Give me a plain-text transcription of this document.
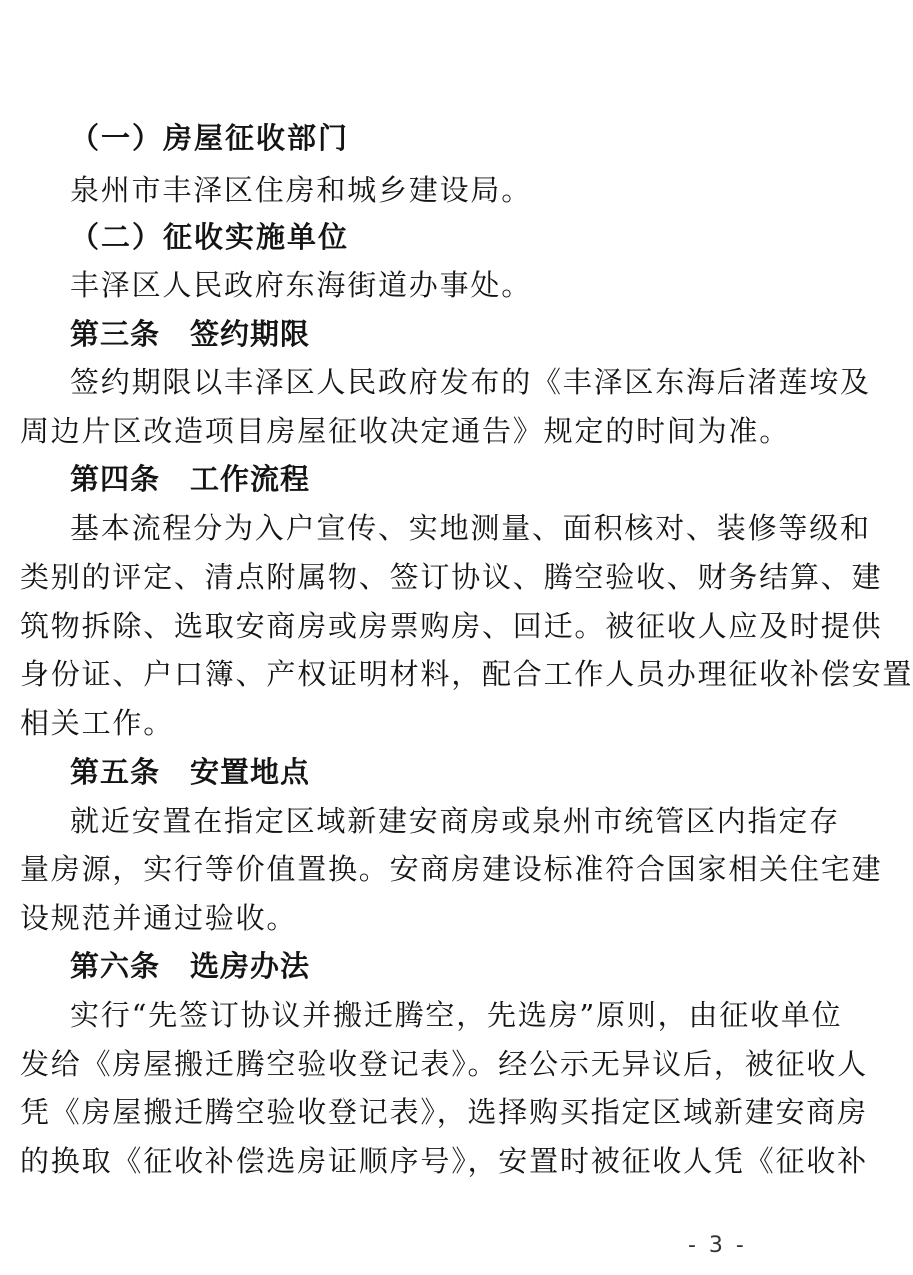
（一）房屋征收部门
泉州市丰泽区住房和城乡建设局。
（二）征收实施单位
丰泽区人民政府东海街道办事处。
第三条 签约期限
签约期限以丰泽区人民政府发布的《丰泽区东海后渚莲垵及
周边片区改造项目房屋征收决定通告》规定的时间为准。
第四条 工作流程
基本流程分为入户宣传、实地测量、面积核对、装修等级和
类别的评定、清点附属物、签订协议、腾空验收、财务结算、建
筑物拆除、选取安商房或房票购房、回迁。被征收人应及时提供
身份证、户口簿、产权证明材料，配合工作人员办理征收补偿安置
相关工作。
第五条 安置地点
就近安置在指定区域新建安商房或泉州市统管区内指定存
量房源，实行等价值置换。安商房建设标准符合国家相关住宅建
设规范并通过验收。
第六条 选房办法
实行“先签订协议并搬迁腾空，先选房”原则，由征收单位
发给《房屋搬迁腾空验收登记表》。经公示无异议后，被征收人
凭《房屋搬迁腾空验收登记表》，选择购买指定区域新建安商房
的换取《征收补偿选房证顺序号》，安置时被征收人凭《征收补
- 3 -
